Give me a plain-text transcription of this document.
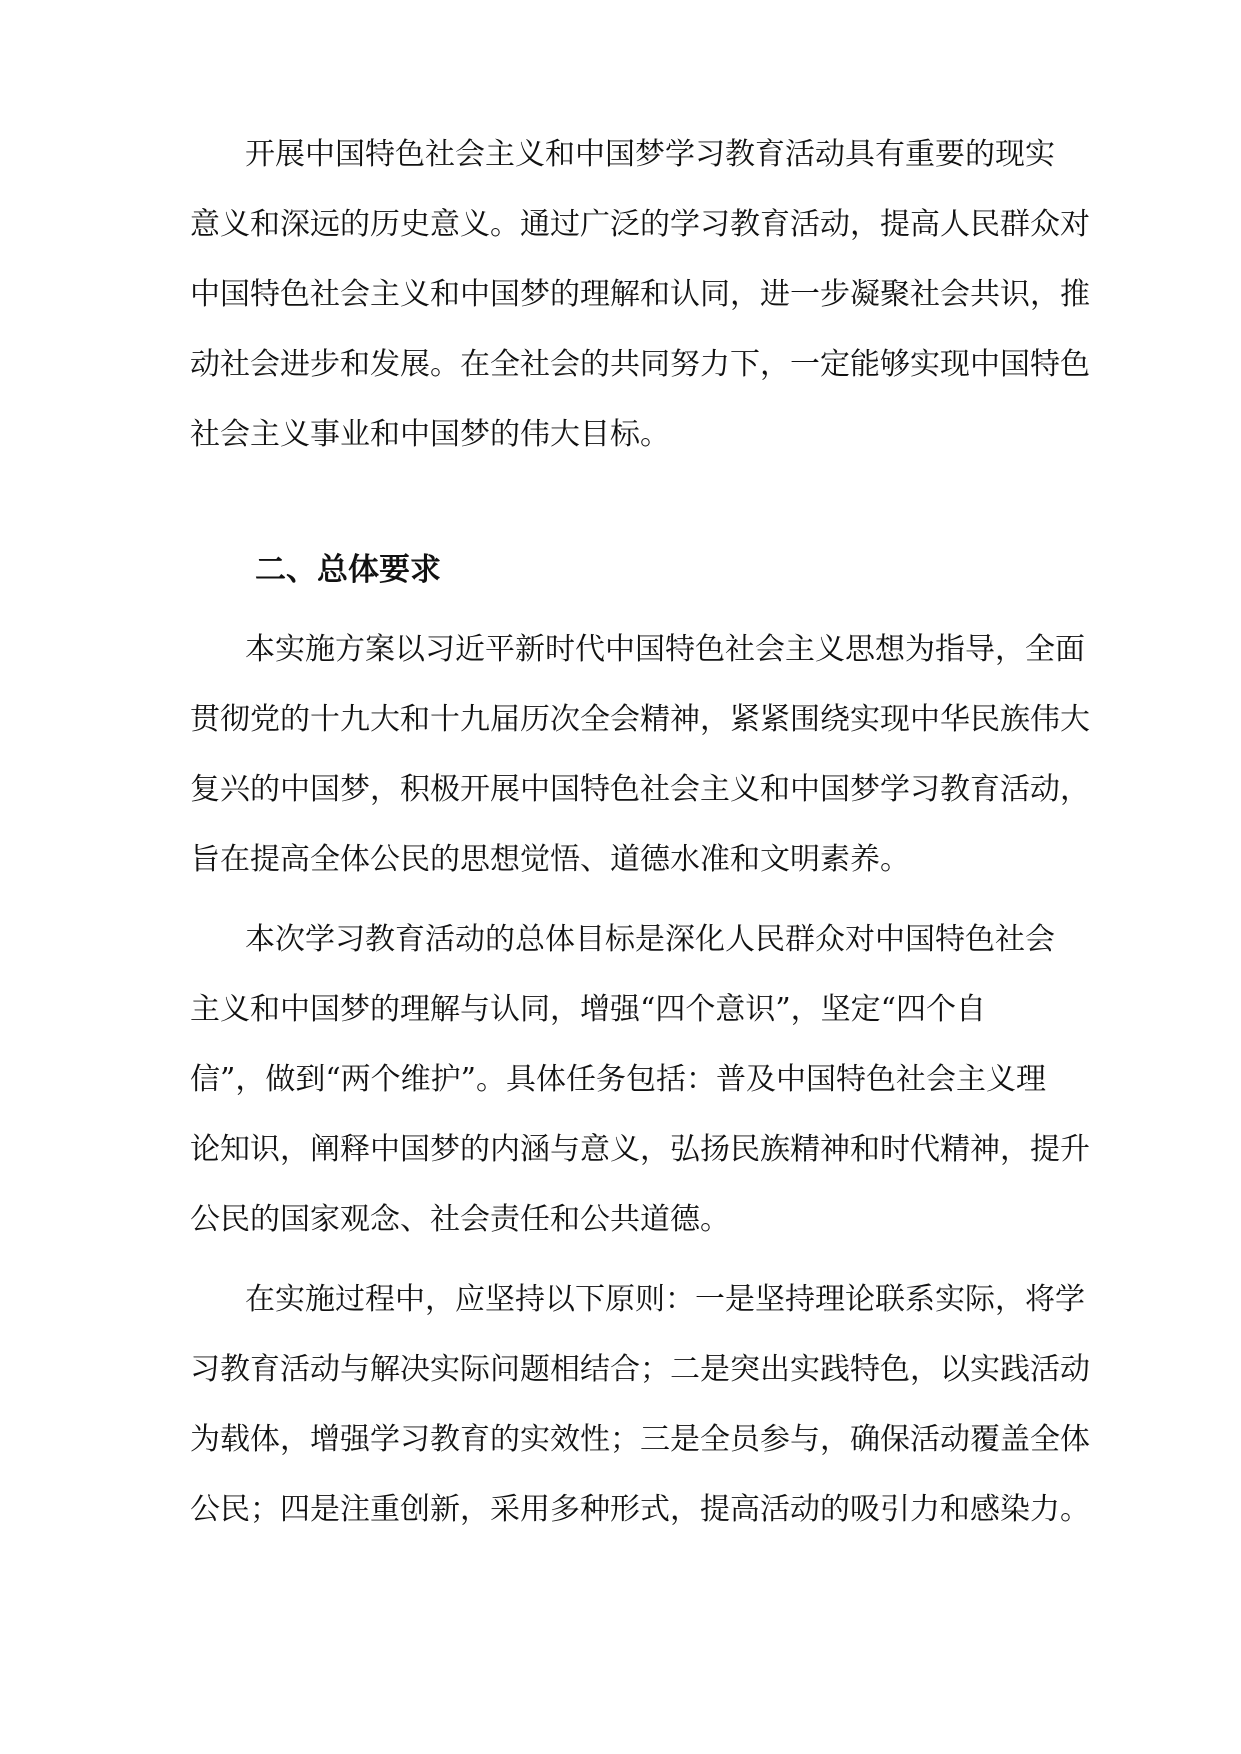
开展中国特色社会主义和中国梦学习教育活动具有重要的现实
意义和深远的历史意义。通过广泛的学习教育活动，提高人民群众对
中国特色社会主义和中国梦的理解和认同，进一步凝聚社会共识，推
动社会进步和发展。在全社会的共同努力下，一定能够实现中国特色
社会主义事业和中国梦的伟大目标。
二、总体要求
本实施方案以习近平新时代中国特色社会主义思想为指导，全面
贯彻党的十九大和十九届历次全会精神，紧紧围绕实现中华民族伟大
复兴的中国梦，积极开展中国特色社会主义和中国梦学习教育活动，
旨在提高全体公民的思想觉悟、道德水准和文明素养。
本次学习教育活动的总体目标是深化人民群众对中国特色社会
主义和中国梦的理解与认同，增强“四个意识”，坚定“四个自
信”，做到“两个维护”。具体任务包括：普及中国特色社会主义理
论知识，阐释中国梦的内涵与意义，弘扬民族精神和时代精神，提升
公民的国家观念、社会责任和公共道德。
在实施过程中，应坚持以下原则：一是坚持理论联系实际，将学
习教育活动与解决实际问题相结合；二是突出实践特色，以实践活动
为载体，增强学习教育的实效性；三是全员参与，确保活动覆盖全体
公民；四是注重创新，采用多种形式，提高活动的吸引力和感染力。
